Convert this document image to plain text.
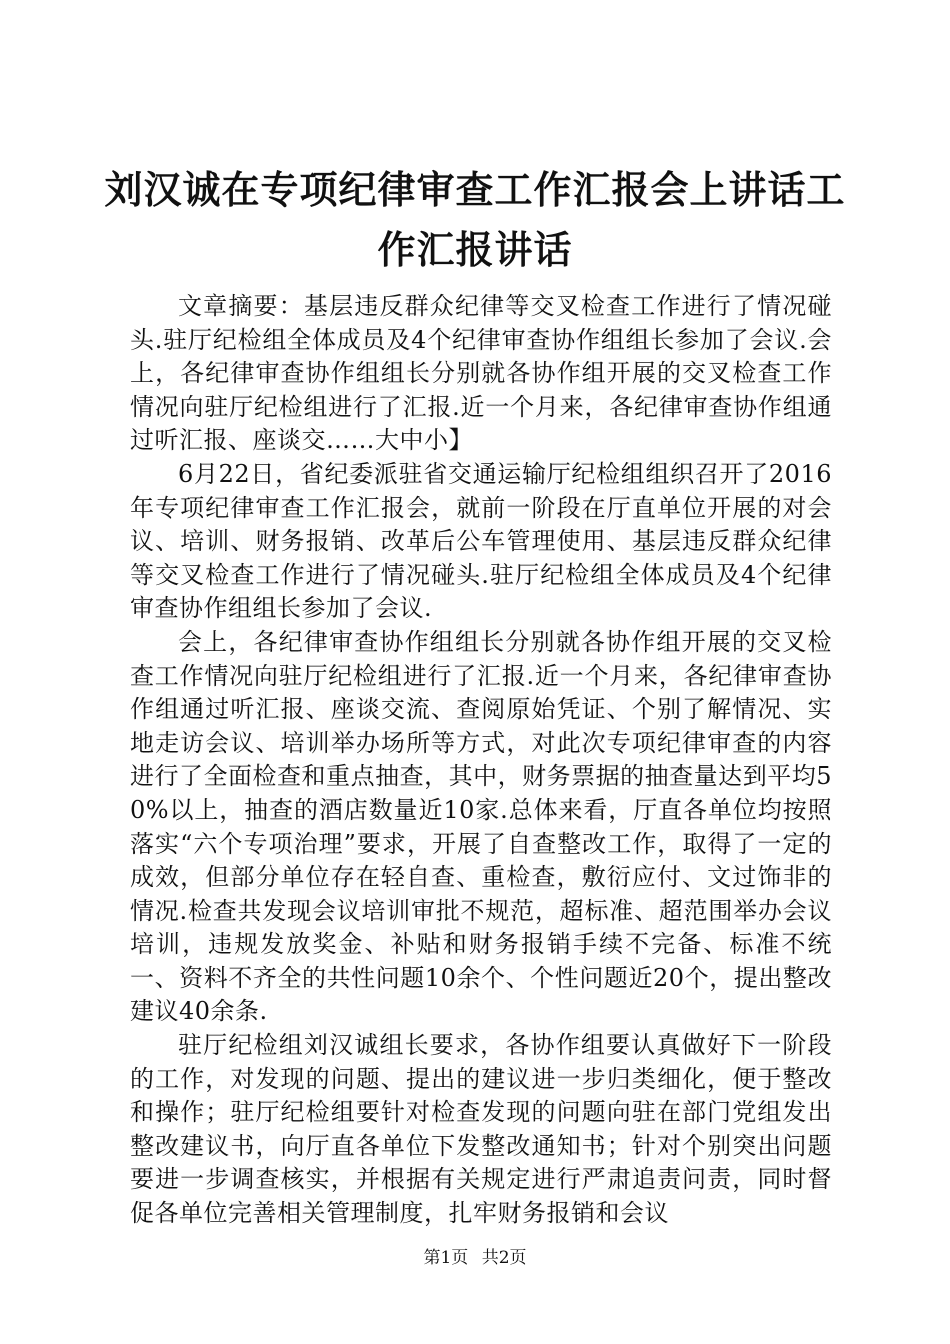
刘汉诚在专项纪律审查工作汇报会上讲话工作汇报讲话

文章摘要：基层违反群众纪律等交叉检查工作进行了情况碰头.驻厅纪检组全体成员及4个纪律审查协作组组长参加了会议.会上，各纪律审查协作组组长分别就各协作组开展的交叉检查工作情况向驻厅纪检组进行了汇报.近一个月来，各纪律审查协作组通过听汇报、座谈交……大中小】

6月22日，省纪委派驻省交通运输厅纪检组组织召开了2016年专项纪律审查工作汇报会，就前一阶段在厅直单位开展的对会议、培训、财务报销、改革后公车管理使用、基层违反群众纪律等交叉检查工作进行了情况碰头.驻厅纪检组全体成员及4个纪律审查协作组组长参加了会议.

会上，各纪律审查协作组组长分别就各协作组开展的交叉检查工作情况向驻厅纪检组进行了汇报.近一个月来，各纪律审查协作组通过听汇报、座谈交流、查阅原始凭证、个别了解情况、实地走访会议、培训举办场所等方式，对此次专项纪律审查的内容进行了全面检查和重点抽查，其中，财务票据的抽查量达到平均50%以上，抽查的酒店数量近10家.总体来看，厅直各单位均按照落实“六个专项治理”要求，开展了自查整改工作，取得了一定的成效，但部分单位存在轻自查、重检查，敷衍应付、文过饰非的情况.检查共发现会议培训审批不规范，超标准、超范围举办会议培训，违规发放奖金、补贴和财务报销手续不完备、标准不统一、资料不齐全的共性问题10余个、个性问题近20个，提出整改建议40余条.

驻厅纪检组刘汉诚组长要求，各协作组要认真做好下一阶段的工作，对发现的问题、提出的建议进一步归类细化，便于整改和操作；驻厅纪检组要针对检查发现的问题向驻在部门党组发出整改建议书，向厅直各单位下发整改通知书；针对个别突出问题要进一步调查核实，并根据有关规定进行严肃追责问责，同时督促各单位完善相关管理制度，扎牢财务报销和会议

第1页 共2页
